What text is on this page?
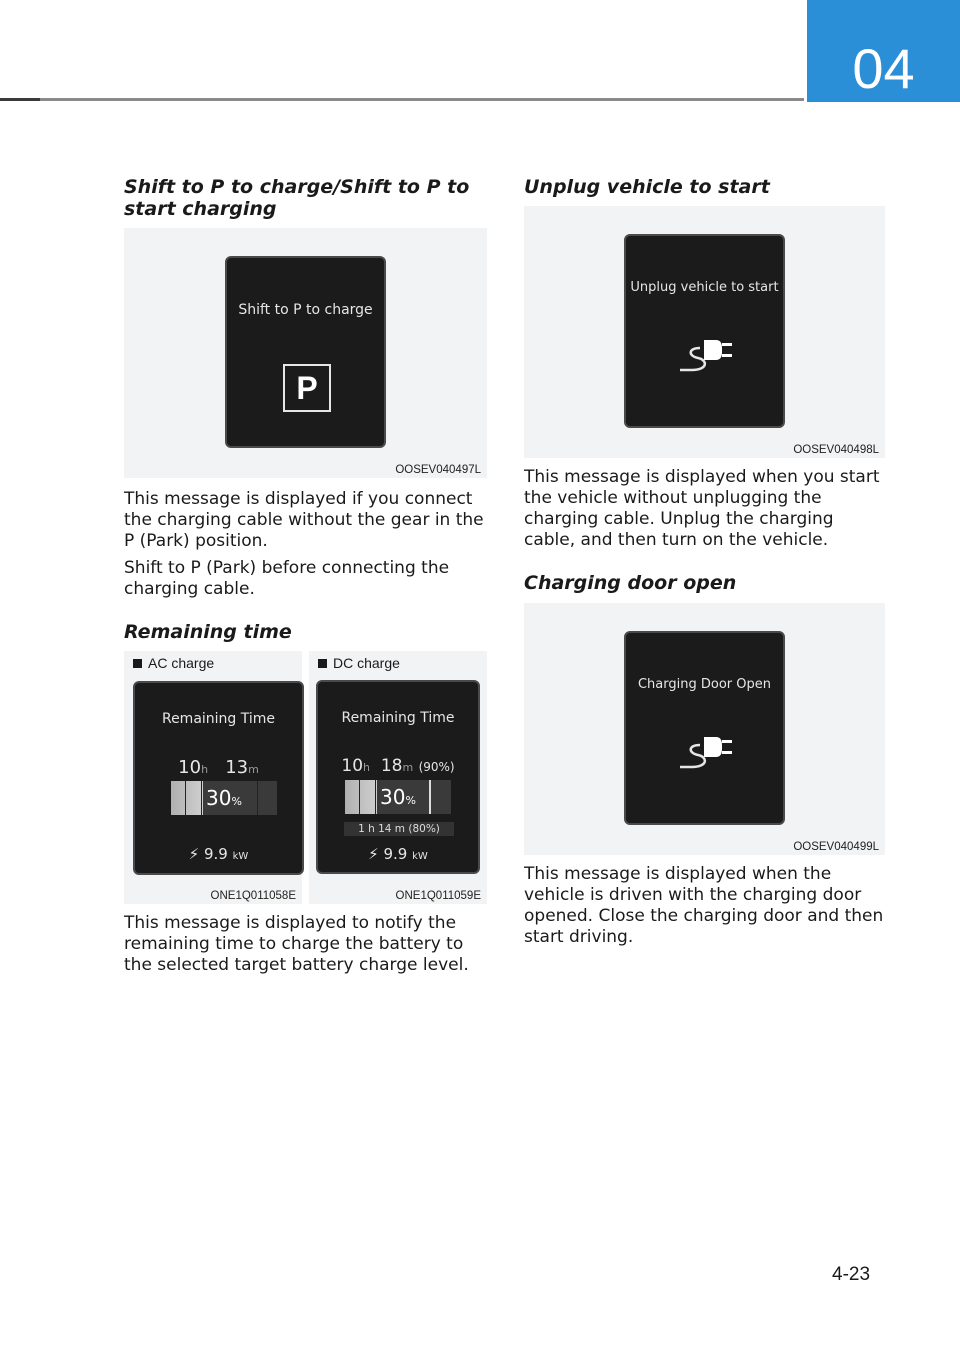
04
Shift to P to charge/Shift to P to start charging
Shift to P to charge
P
OOSEV040497L

This message is displayed if you connect the charging cable without the gear in the P (Park) position.

Shift to P (Park) before connecting the charging cable.

Remaining time
AC charge
Remaining Time
10h 13m
30%
⚡ 9.9 kW
ONE1Q011058E
DC charge
Remaining Time
10h 18m (90%)
30%
1 h 14 m (80%)
⚡ 9.9 kW
ONE1Q011059E

This message is displayed to notify the remaining time to charge the battery to the selected target battery charge level.

Unplug vehicle to start
Unplug vehicle to start
OOSEV040498L

This message is displayed when you start the vehicle without unplugging the charging cable. Unplug the charging cable, and then turn on the vehicle.

Charging door open
Charging Door Open
OOSEV040499L

This message is displayed when the vehicle is driven with the charging door opened. Close the charging door and then start driving.

4-23
